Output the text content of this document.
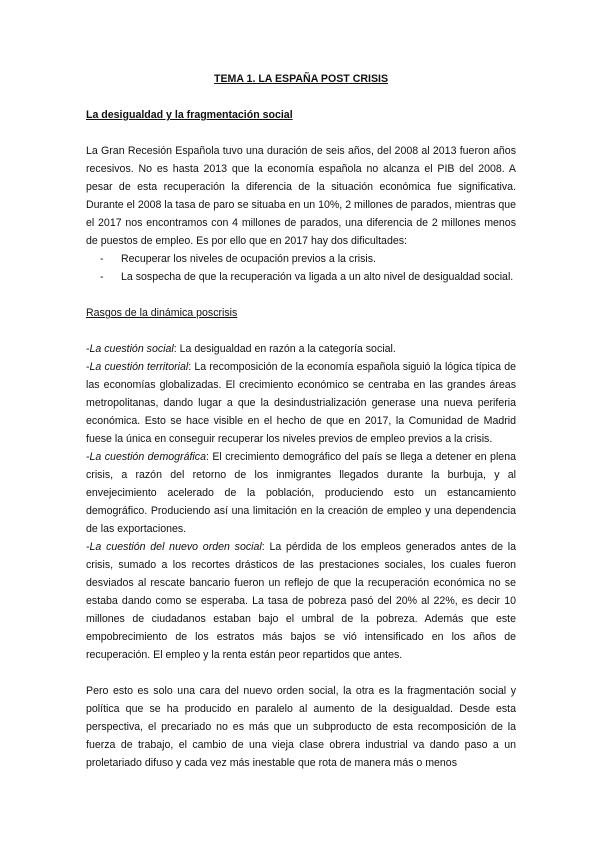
TEMA 1. LA ESPAÑA POST CRISIS
La desigualdad y la fragmentación social

La Gran Recesión Española tuvo una duración de seis años, del 2008 al 2013 fueron años recesivos. No es hasta 2013 que la economía española no alcanza el PIB del 2008. A pesar de esta recuperación la diferencia de la situación económica fue significativa. Durante el 2008 la tasa de paro se situaba en un 10%, 2 millones de parados, mientras que el 2017 nos encontramos con 4 millones de parados, una diferencia de 2 millones menos de puestos de empleo. Es por ello que en 2017 hay dos dificultades:

- Recuperar los niveles de ocupación previos a la crisis.
- La sospecha de que la recuperación va ligada a un alto nivel de desigualdad social.
Rasgos de la dinámica poscrisis

-La cuestión social: La desigualdad en razón a la categoría social.

-La cuestión territorial: La recomposición de la economía española siguió la lógica típica de las economías globalizadas. El crecimiento económico se centraba en las grandes áreas metropolitanas, dando lugar a que la desindustrialización generase una nueva periferia económica. Esto se hace visible en el hecho de que en 2017, la Comunidad de Madrid fuese la única en conseguir recuperar los niveles previos de empleo previos a la crisis.

-La cuestión demográfica: El crecimiento demográfico del país se llega a detener en plena crisis, a razón del retorno de los inmigrantes llegados durante la burbuja, y al envejecimiento acelerado de la población, produciendo esto un estancamiento demográfico. Produciendo así una limitación en la creación de empleo y una dependencia de las exportaciones.

-La cuestión del nuevo orden social: La pérdida de los empleos generados antes de la crisis, sumado a los recortes drásticos de las prestaciones sociales, los cuales fueron desviados al rescate bancario fueron un reflejo de que la recuperación económica no se estaba dando como se esperaba. La tasa de pobreza pasó del 20% al 22%, es decir 10 millones de ciudadanos estaban bajo el umbral de la pobreza. Además que este empobrecimiento de los estratos más bajos se vió intensificado en los años de recuperación. El empleo y la renta están peor repartidos que antes.

Pero esto es solo una cara del nuevo orden social, la otra es la fragmentación social y política que se ha producido en paralelo al aumento de la desigualdad. Desde esta perspectiva, el precariado no es más que un subproducto de esta recomposición de la fuerza de trabajo, el cambio de una vieja clase obrera industrial va dando paso a un proletariado difuso y cada vez más inestable que rota de manera más o menos
